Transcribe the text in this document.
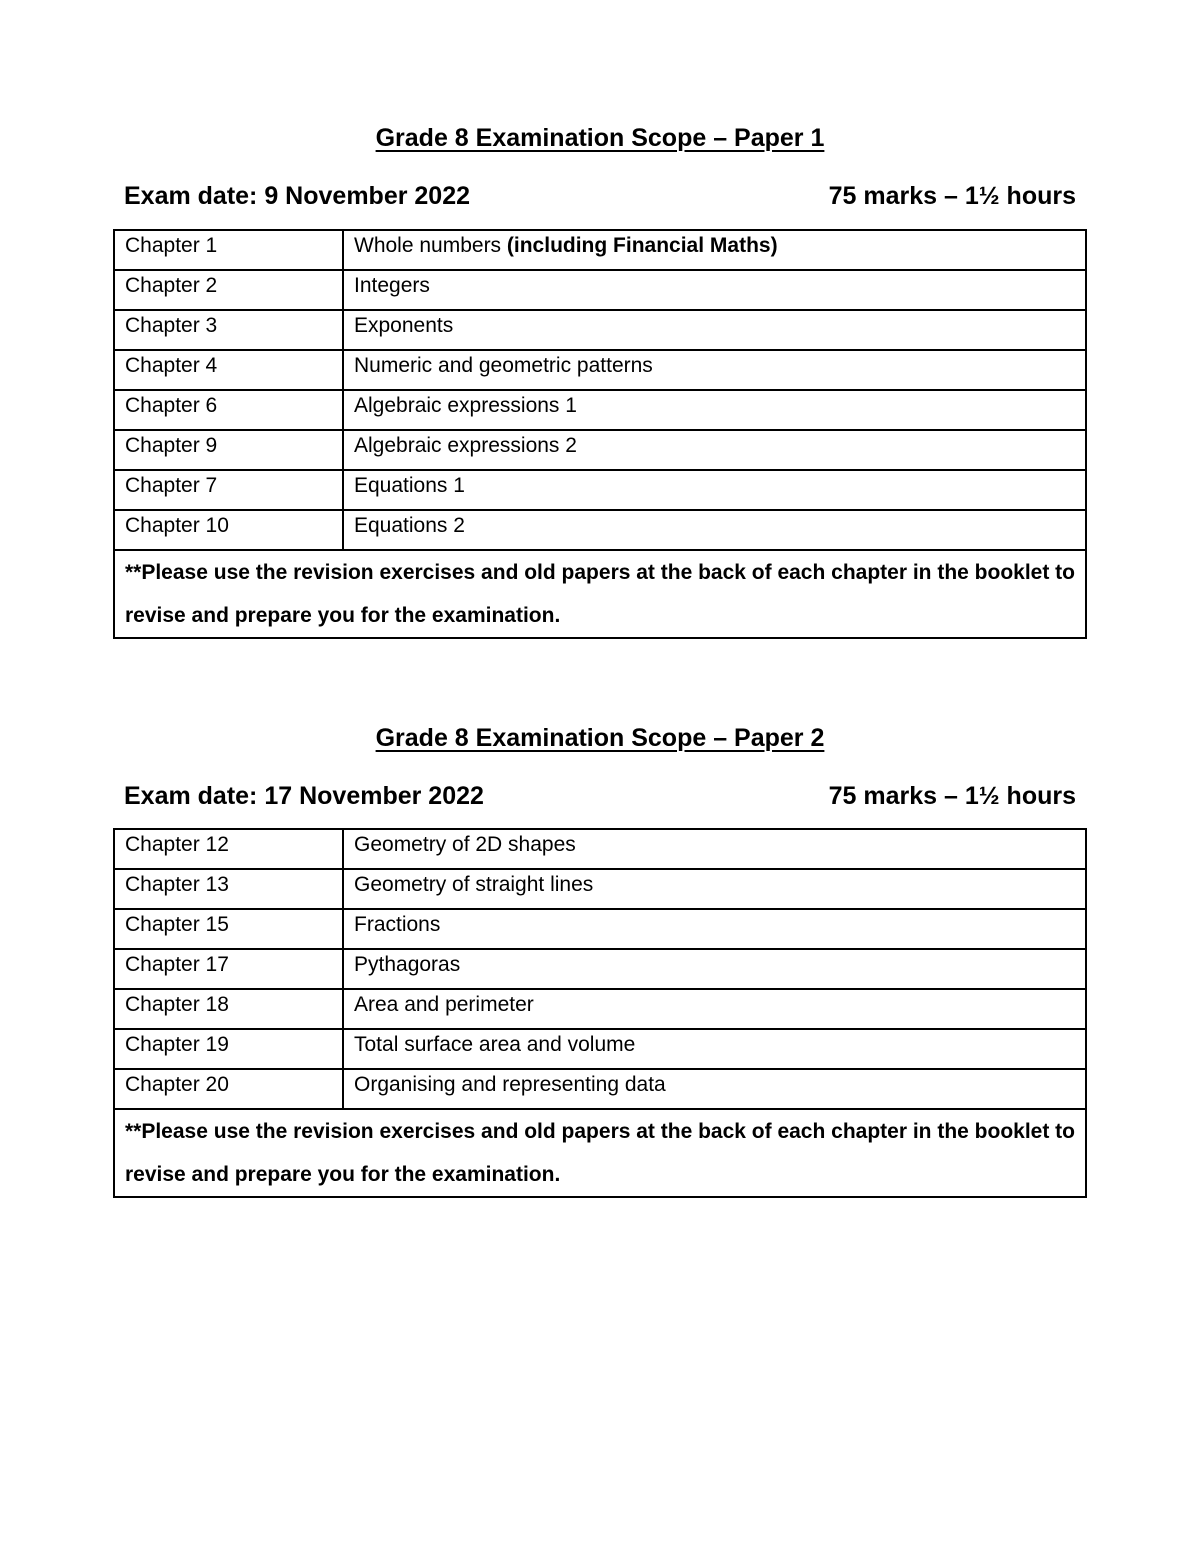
Grade 8 Examination Scope – Paper 1
Exam date: 9 November 2022	75 marks – 1½ hours
Chapter 1	Whole numbers (including Financial Maths)
Chapter 2	Integers
Chapter 3	Exponents
Chapter 4	Numeric and geometric patterns
Chapter 6	Algebraic expressions 1
Chapter 9	Algebraic expressions 2
Chapter 7	Equations 1
Chapter 10	Equations 2
**Please use the revision exercises and old papers at the back of each chapter in the booklet to revise and prepare you for the examination.	
Grade 8 Examination Scope – Paper 2
Exam date: 17 November 2022	75 marks – 1½ hours
Chapter 12	Geometry of 2D shapes
Chapter 13	Geometry of straight lines
Chapter 15	Fractions
Chapter 17	Pythagoras
Chapter 18	Area and perimeter
Chapter 19	Total surface area and volume
Chapter 20	Organising and representing data
**Please use the revision exercises and old papers at the back of each chapter in the booklet to revise and prepare you for the examination.	
